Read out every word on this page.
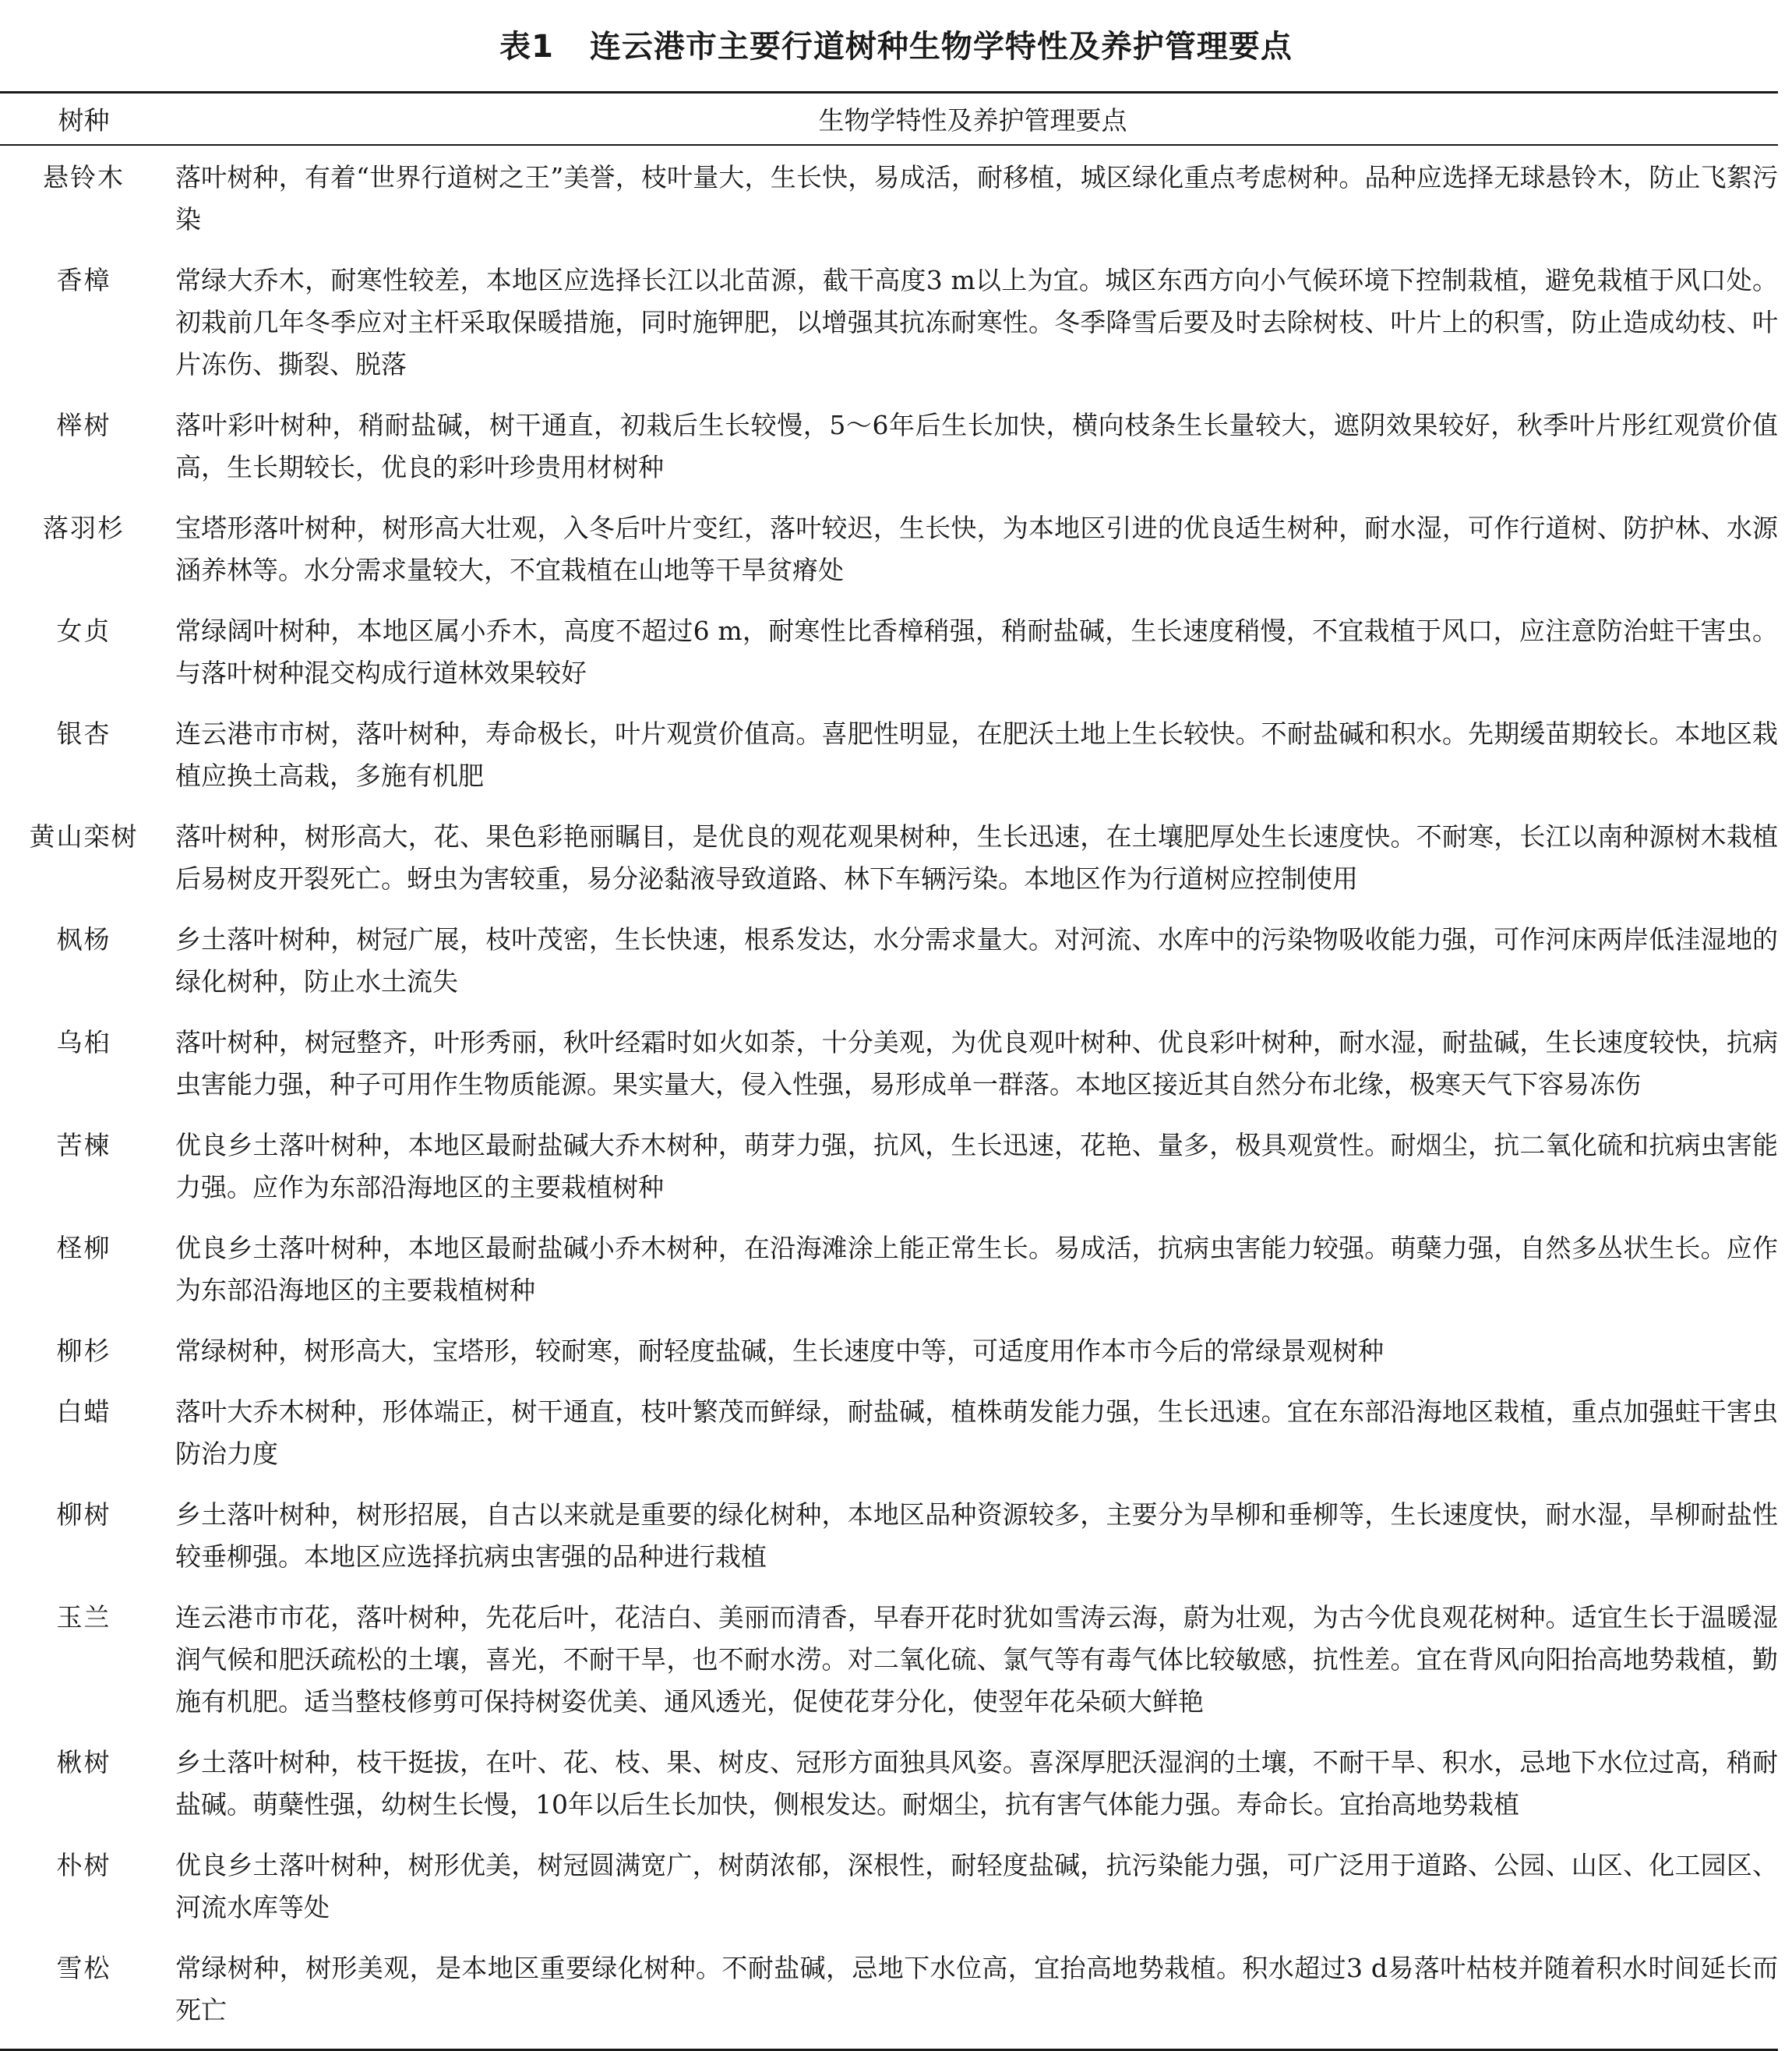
表1 连云港市主要行道树种生物学特性及养护管理要点
树种	生物学特性及养护管理要点
悬铃木	落叶树种，有着“世界行道树之王”美誉，枝叶量大，生长快，易成活，耐移植，城区绿化重点考虑树种。品种应选择无球悬铃木，防止飞絮污染
香樟	常绿大乔木，耐寒性较差，本地区应选择长江以北苗源，截干高度3 m以上为宜。城区东西方向小气候环境下控制栽植，避免栽植于风口处。初栽前几年冬季应对主杆采取保暖措施，同时施钾肥，以增强其抗冻耐寒性。冬季降雪后要及时去除树枝、叶片上的积雪，防止造成幼枝、叶片冻伤、撕裂、脱落
榉树	落叶彩叶树种，稍耐盐碱，树干通直，初栽后生长较慢，5～6年后生长加快，横向枝条生长量较大，遮阴效果较好，秋季叶片彤红观赏价值高，生长期较长，优良的彩叶珍贵用材树种
落羽杉	宝塔形落叶树种，树形高大壮观，入冬后叶片变红，落叶较迟，生长快，为本地区引进的优良适生树种，耐水湿，可作行道树、防护林、水源涵养林等。水分需求量较大，不宜栽植在山地等干旱贫瘠处
女贞	常绿阔叶树种，本地区属小乔木，高度不超过6 m，耐寒性比香樟稍强，稍耐盐碱，生长速度稍慢，不宜栽植于风口，应注意防治蛀干害虫。与落叶树种混交构成行道林效果较好
银杏	连云港市市树，落叶树种，寿命极长，叶片观赏价值高。喜肥性明显，在肥沃土地上生长较快。不耐盐碱和积水。先期缓苗期较长。本地区栽植应换土高栽，多施有机肥
黄山栾树	落叶树种，树形高大，花、果色彩艳丽瞩目，是优良的观花观果树种，生长迅速，在土壤肥厚处生长速度快。不耐寒，长江以南种源树木栽植后易树皮开裂死亡。蚜虫为害较重，易分泌黏液导致道路、林下车辆污染。本地区作为行道树应控制使用
枫杨	乡土落叶树种，树冠广展，枝叶茂密，生长快速，根系发达，水分需求量大。对河流、水库中的污染物吸收能力强，可作河床两岸低洼湿地的绿化树种，防止水土流失
乌桕	落叶树种，树冠整齐，叶形秀丽，秋叶经霜时如火如荼，十分美观，为优良观叶树种、优良彩叶树种，耐水湿，耐盐碱，生长速度较快，抗病虫害能力强，种子可用作生物质能源。果实量大，侵入性强，易形成单一群落。本地区接近其自然分布北缘，极寒天气下容易冻伤
苦楝	优良乡土落叶树种，本地区最耐盐碱大乔木树种，萌芽力强，抗风，生长迅速，花艳、量多，极具观赏性。耐烟尘，抗二氧化硫和抗病虫害能力强。应作为东部沿海地区的主要栽植树种
柽柳	优良乡土落叶树种，本地区最耐盐碱小乔木树种，在沿海滩涂上能正常生长。易成活，抗病虫害能力较强。萌蘖力强，自然多丛状生长。应作为东部沿海地区的主要栽植树种
柳杉	常绿树种，树形高大，宝塔形，较耐寒，耐轻度盐碱，生长速度中等，可适度用作本市今后的常绿景观树种
白蜡	落叶大乔木树种，形体端正，树干通直，枝叶繁茂而鲜绿，耐盐碱，植株萌发能力强，生长迅速。宜在东部沿海地区栽植，重点加强蛀干害虫防治力度
柳树	乡土落叶树种，树形招展，自古以来就是重要的绿化树种，本地区品种资源较多，主要分为旱柳和垂柳等，生长速度快，耐水湿，旱柳耐盐性较垂柳强。本地区应选择抗病虫害强的品种进行栽植
玉兰	连云港市市花，落叶树种，先花后叶，花洁白、美丽而清香，早春开花时犹如雪涛云海，蔚为壮观，为古今优良观花树种。适宜生长于温暖湿润气候和肥沃疏松的土壤，喜光，不耐干旱，也不耐水涝。对二氧化硫、氯气等有毒气体比较敏感，抗性差。宜在背风向阳抬高地势栽植，勤施有机肥。适当整枝修剪可保持树姿优美、通风透光，促使花芽分化，使翌年花朵硕大鲜艳
楸树	乡土落叶树种，枝干挺拔，在叶、花、枝、果、树皮、冠形方面独具风姿。喜深厚肥沃湿润的土壤，不耐干旱、积水，忌地下水位过高，稍耐盐碱。萌蘖性强，幼树生长慢，10年以后生长加快，侧根发达。耐烟尘，抗有害气体能力强。寿命长。宜抬高地势栽植
朴树	优良乡土落叶树种，树形优美，树冠圆满宽广，树荫浓郁，深根性，耐轻度盐碱，抗污染能力强，可广泛用于道路、公园、山区、化工园区、河流水库等处
雪松	常绿树种，树形美观，是本地区重要绿化树种。不耐盐碱，忌地下水位高，宜抬高地势栽植。积水超过3 d易落叶枯枝并随着积水时间延长而死亡
